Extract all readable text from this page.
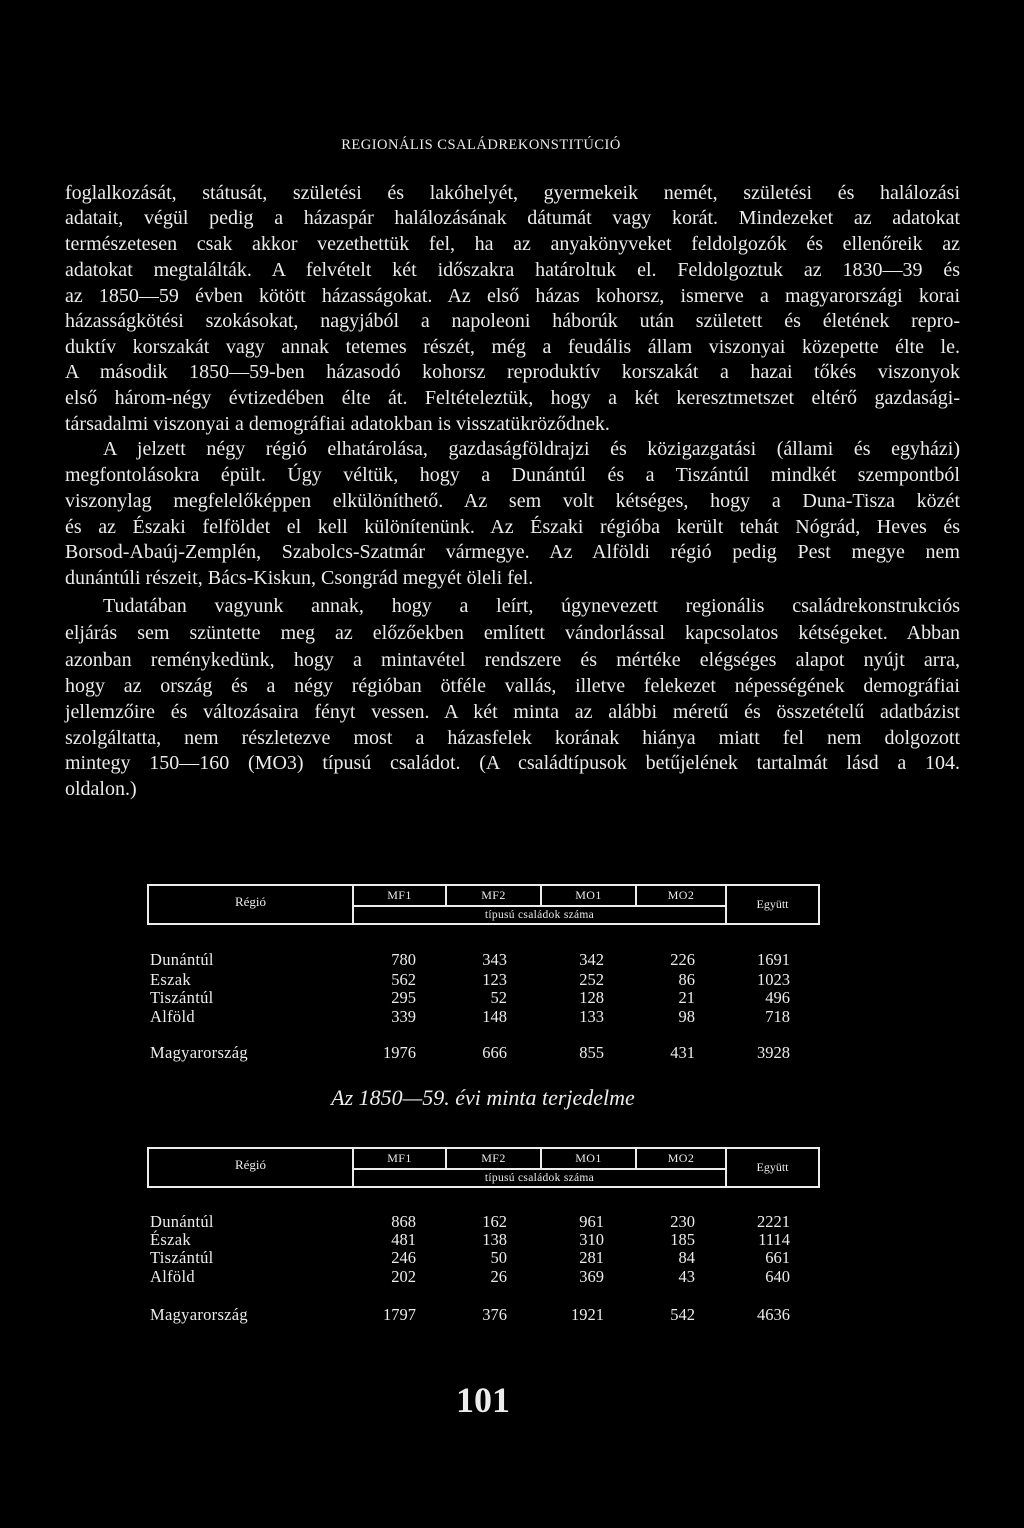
REGIONÁLIS CSALÁDREKONSTITÚCIÓ
foglalkozását, státusát, születési és lakóhelyét, gyermekeik nemét, születési és halálozási
adatait, végül pedig a házaspár halálozásának dátumát vagy korát. Mindezeket az adatokat
természetesen csak akkor vezethettük fel, ha az anyakönyveket feldolgozók és ellenőreik az
adatokat megtalálták. A felvételt két időszakra határoltuk el. Feldolgoztuk az 1830—39 és
az 1850—59 évben kötött házasságokat. Az első házas kohorsz, ismerve a magyarországi korai
házasságkötési szokásokat, nagyjából a napoleoni háborúk után született és életének repro-
duktív korszakát vagy annak tetemes részét, még a feudális állam viszonyai közepette élte le.
A második 1850—59-ben házasodó kohorsz reproduktív korszakát a hazai tőkés viszonyok
első három-négy évtizedében élte át. Feltételeztük, hogy a két keresztmetszet eltérő gazdasági-
társadalmi viszonyai a demográfiai adatokban is visszatükröződnek.
A jelzett négy régió elhatárolása, gazdaságföldrajzi és közigazgatási (állami és egyházi)
megfontolásokra épült. Úgy véltük, hogy a Dunántúl és a Tiszántúl mindkét szempontból
viszonylag megfelelőképpen elkülöníthető. Az sem volt kétséges, hogy a Duna-Tisza közét
és az Északi felföldet el kell különítenünk. Az Északi régióba került tehát Nógrád, Heves és
Borsod-Abaúj-Zemplén, Szabolcs-Szatmár vármegye. Az Alföldi régió pedig Pest megye nem
dunántúli részeit, Bács-Kiskun, Csongrád megyét öleli fel.
Tudatában vagyunk annak, hogy a leírt, úgynevezett regionális családrekonstrukciós
eljárás sem szüntette meg az előzőekben említett vándorlással kapcsolatos kétségeket. Abban
azonban reménykedünk, hogy a mintavétel rendszere és mértéke elégséges alapot nyújt arra,
hogy az ország és a négy régióban ötféle vallás, illetve felekezet népességének demográfiai
jellemzőire és változásaira fényt vessen. A két minta az alábbi méretű és összetételű adatbázist
szolgáltatta, nem részletezve most a házasfelek korának hiánya miatt fel nem dolgozott
mintegy 150—160 (MO3) típusú családot. (A családtípusok betűjelének tartalmát lásd a 104.
oldalon.)
Régió	MF1	MF2	MO1	MO2
típusú családok száma
Együtt
Dunántúl	780	343	342	226	1691
Eszak	562	123	252	86	1023
Tiszántúl	295	52	128	21	496
Alföld	339	148	133	98	718
Magyarország	1976	666	855	431	3928
Az 1850—59. évi minta terjedelme
Régió	MF1	MF2	MO1	MO2
típusú családok száma
Együtt
Dunántúl	868	162	961	230	2221
Észak	481	138	310	185	1114
Tiszántúl	246	50	281	84	661
Alföld	202	26	369	43	640
Magyarország	1797	376	1921	542	4636
101
